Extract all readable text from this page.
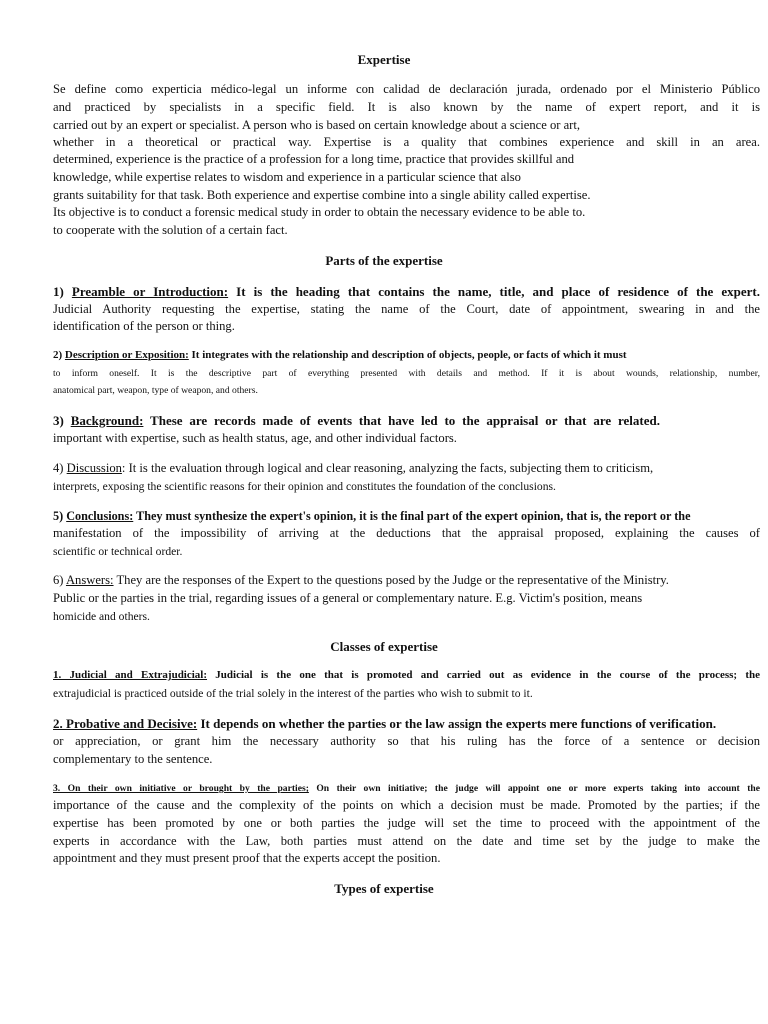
Expertise
Se define como experticia médico-legal un informe con calidad de declaración jurada, ordenado por el Ministerio Público
and practiced by specialists in a specific field. It is also known by the name of expert report, and it is
carried out by an expert or specialist. A person who is based on certain knowledge about a science or art,
whether in a theoretical or practical way. Expertise is a quality that combines experience and skill in an area.
determined, experience is the practice of a profession for a long time, practice that provides skillful and
knowledge, while expertise relates to wisdom and experience in a particular science that also
grants suitability for that task. Both experience and expertise combine into a single ability called expertise.
Its objective is to conduct a forensic medical study in order to obtain the necessary evidence to be able to.
to cooperate with the solution of a certain fact.
Parts of the expertise
1) Preamble or Introduction: It is the heading that contains the name, title, and place of residence of the expert.
Judicial Authority requesting the expertise, stating the name of the Court, date of appointment, swearing in and the
identification of the person or thing.
2) Description or Exposition: It integrates with the relationship and description of objects, people, or facts of which it must
to inform oneself. It is the descriptive part of everything presented with details and method. If it is about wounds, relationship, number,
anatomical part, weapon, type of weapon, and others.
3) Background: These are records made of events that have led to the appraisal or that are related.
important with expertise, such as health status, age, and other individual factors.
4) Discussion: It is the evaluation through logical and clear reasoning, analyzing the facts, subjecting them to criticism,
interprets, exposing the scientific reasons for their opinion and constitutes the foundation of the conclusions.
5) Conclusions: They must synthesize the expert's opinion, it is the final part of the expert opinion, that is, the report or the
manifestation of the impossibility of arriving at the deductions that the appraisal proposed, explaining the causes of
scientific or technical order.
6) Answers: They are the responses of the Expert to the questions posed by the Judge or the representative of the Ministry.
Public or the parties in the trial, regarding issues of a general or complementary nature. E.g. Victim's position, means
homicide and others.
Classes of expertise
1. Judicial and Extrajudicial: Judicial is the one that is promoted and carried out as evidence in the course of the process; the
extrajudicial is practiced outside of the trial solely in the interest of the parties who wish to submit to it.
2. Probative and Decisive: It depends on whether the parties or the law assign the experts mere functions of verification.
or appreciation, or grant him the necessary authority so that his ruling has the force of a sentence or decision
complementary to the sentence.
3. On their own initiative or brought by the parties; On their own initiative; the judge will appoint one or more experts taking into account the
importance of the cause and the complexity of the points on which a decision must be made. Promoted by the parties; if the
expertise has been promoted by one or both parties the judge will set the time to proceed with the appointment of the
experts in accordance with the Law, both parties must attend on the date and time set by the judge to make the
appointment and they must present proof that the experts accept the position.
Types of expertise
